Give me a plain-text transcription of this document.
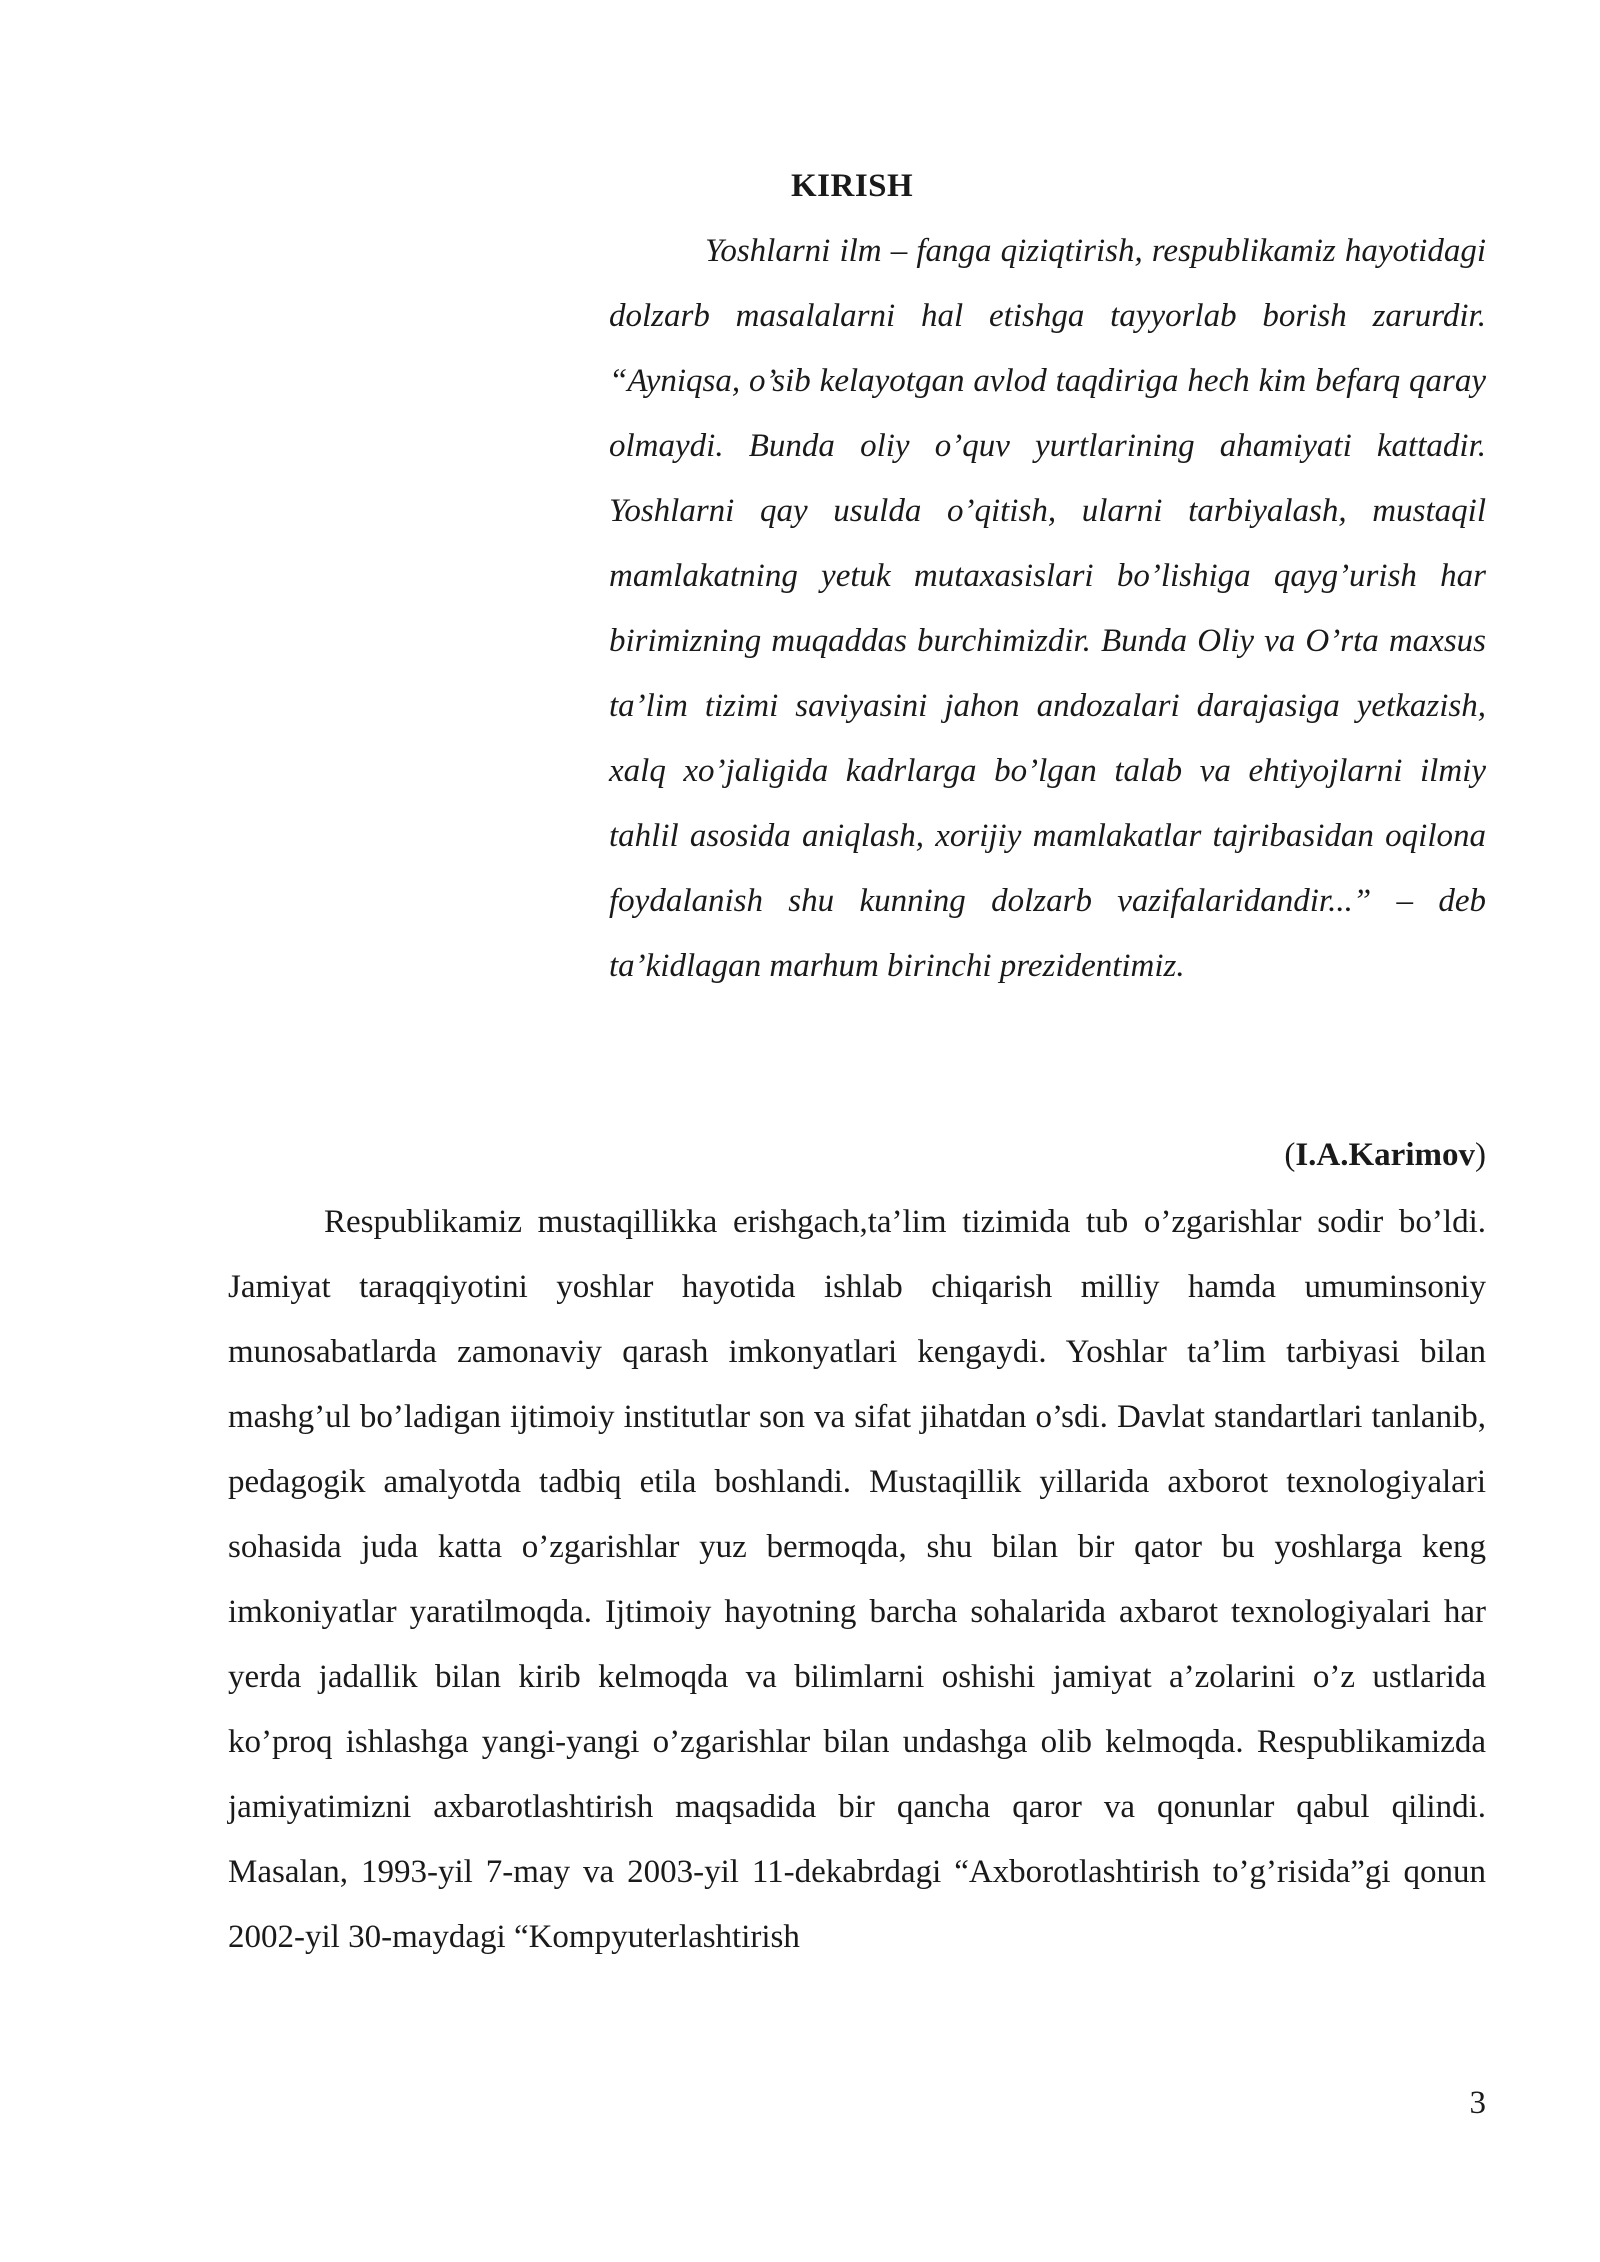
KIRISH

Yoshlarni ilm – fanga qiziqtirish, respublikamiz hayotidagi dolzarb masalalarni hal etishga tayyorlab borish zarurdir. “Ayniqsa, o’sib kelayotgan avlod taqdiriga hech kim befarq qaray olmaydi. Bunda oliy o’quv yurtlarining ahamiyati kattadir. Yoshlarni qay usulda o’qitish, ularni tarbiyalash, mustaqil mamlakatning yetuk mutaxasislari bo’lishiga qayg’urish har birimizning muqaddas burchimizdir. Bunda Oliy va O’rta maxsus ta’lim tizimi saviyasini jahon andozalari darajasiga yetkazish, xalq xo’jaligida kadrlarga bo’lgan talab va ehtiyojlarni ilmiy tahlil asosida aniqlash, xorijiy mamlakatlar tajribasidan oqilona foydalanish shu kunning dolzarb vazifalaridandir...” – deb ta’kidlagan marhum birinchi prezidentimiz.

(I.A.Karimov)

Respublikamiz mustaqillikka erishgach,ta’lim tizimida tub o’zgarishlar sodir bo’ldi. Jamiyat taraqqiyotini yoshlar hayotida ishlab chiqarish milliy hamda umuminsoniy munosabatlarda zamonaviy qarash imkonyatlari kengaydi. Yoshlar ta’lim tarbiyasi bilan mashg’ul bo’ladigan ijtimoiy institutlar son va sifat jihatdan o’sdi. Davlat standartlari tanlanib, pedagogik amalyotda tadbiq etila boshlandi. Mustaqillik yillarida axborot texnologiyalari sohasida juda katta o’zgarishlar yuz bermoqda, shu bilan bir qator bu yoshlarga keng imkoniyatlar yaratilmoqda. Ijtimoiy hayotning barcha sohalarida axbarot texnologiyalari har yerda jadallik bilan kirib kelmoqda va bilimlarni oshishi jamiyat a’zolarini o’z ustlarida ko’proq ishlashga yangi-yangi o’zgarishlar bilan undashga olib kelmoqda. Respublikamizda jamiyatimizni axbarotlashtirish maqsadida bir qancha qaror va qonunlar qabul qilindi. Masalan, 1993-yil 7-may va 2003-yil 11-dekabrdagi “Axborotlashtirish to’g’risida”gi qonun 2002-yil 30-maydagi “Kompyuterlashtirish

3
